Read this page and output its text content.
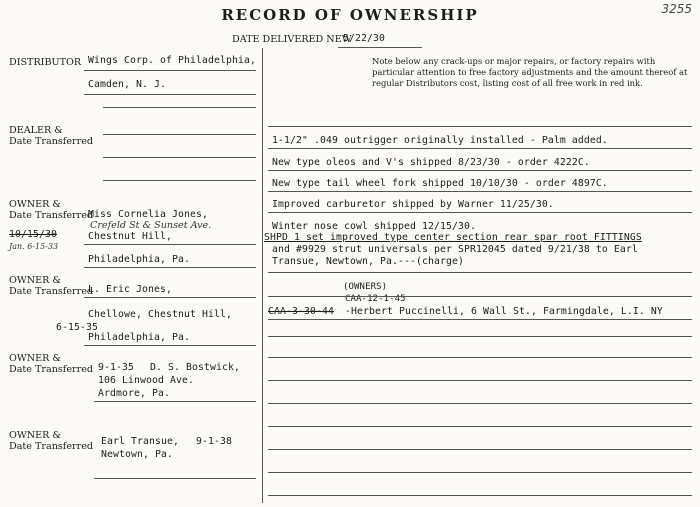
RECORD OF OWNERSHIP	3255
DATE DELIVERED NEW
5/22/30
Note below any crack-ups or major repairs, or factory repairs with particular attention to free factory adjustments and the amount thereof at regular Distributors cost, listing cost of all free work in red ink.
DISTRIBUTOR Wings Corp. of Philadelphia,
Camden, N. J.
DEALER &
Date Transferred
OWNER &
Date Transferred
10/15/30
Jan. 6-15-33
Miss Cornelia Jones,
Crefeld St & Sunset Ave.
Chestnut Hill,
Philadelphia, Pa.
OWNER &
Date Transferred
L. Eric Jones,
Chellowe, Chestnut Hill,
6-15-35
Philadelphia, Pa.
OWNER &
Date Transferred 9-1-35 D. S. Bostwick,
106 Linwood Ave.
Ardmore, Pa.
OWNER &
Date Transferred Earl Transue, 9-1-38
Newtown, Pa.
1-1/2" .049 outrigger originally installed - Palm added.
New type oleos and V's shipped 8/23/30 - order 4222C.
New type tail wheel fork shipped 10/10/30 - order 4897C.
Improved carburetor shipped by Warner 11/25/30.
Winter nose cowl shipped 12/15/30.
SHPD 1 set improved type center section rear spar root FITTINGS
and #9929 strut universals per SPR12045 dated 9/21/38 to Earl
Transue, Newtown, Pa.---(charge)
(OWNERS)
CAA-12-1-45
CAA-3-30-44 -Herbert Puccinelli, 6 Wall St., Farmingdale, L.I. NY
